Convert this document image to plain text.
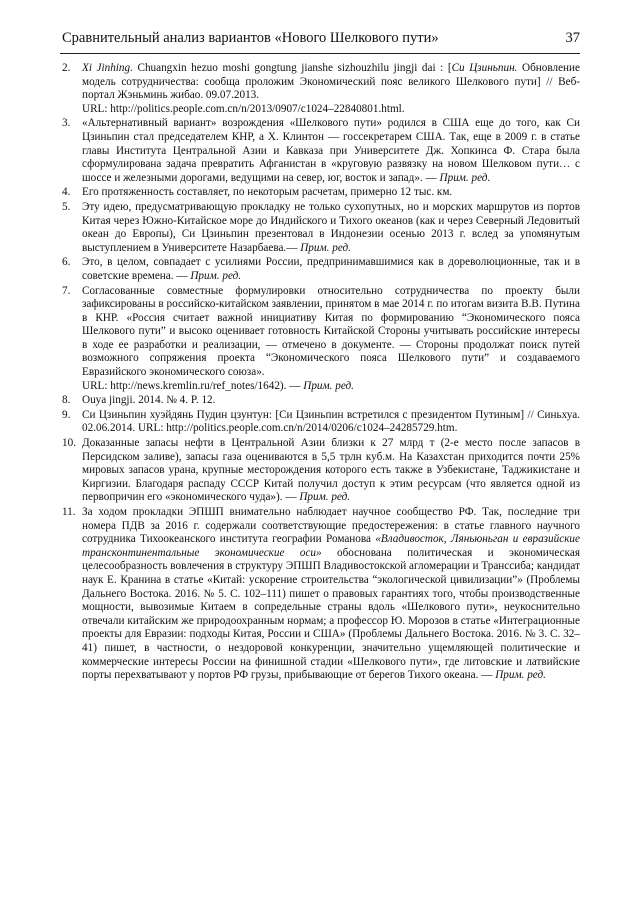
Сравнительный анализ вариантов «Нового Шелкового пути»	37
2.	Xi Jinhing. Chuangxin hezuo moshi gongtung jianshe sizhouzhilu jingji dai : [Си Цзиньпин. Обновление модель сотрудничества: сообща проложим Экономический пояс великого Шелкового пути] // Веб-портал Жэньминь жибао. 09.07.2013.
URL: http://politics.people.com.cn/n/2013/0907/c1024–22840801.html.
3.	«Альтернативный вариант» возрождения «Шелкового пути» родился в США еще до того, как Си Цзиньпин стал председателем КНР, а Х. Клинтон — госсекретарем США. Так, еще в 2009 г. в статье главы Института Центральной Азии и Кавказа при Университете Дж. Хопкинса Ф. Стара была сформулирована задача превратить Афганистан в «круговую развязку на новом Шелковом пути… с шоссе и железными дорогами, ведущими на север, юг, восток и запад». — Прим. ред.
4.	Его протяженность составляет, по некоторым расчетам, примерно 12 тыс. км.
5.	Эту идею, предусматривающую прокладку не только сухопутных, но и морских маршрутов из портов Китая через Южно-Китайское море до Индийского и Тихого океанов (как и через Северный Ледовитый океан до Европы), Си Цзиньпин презентовал в Индонезии осенью 2013 г. вслед за упомянутым выступлением в Университете Назарбаева.— Прим. ред.
6.	Это, в целом, совпадает с усилиями России, предпринимавшимися как в дореволюционные, так и в советские времена. — Прим. ред.
7.	Согласованные совместные формулировки относительно сотрудничества по проекту были зафиксированы в российско-китайском заявлении, принятом в мае 2014 г. по итогам визита В.В. Путина в КНР. «Россия считает важной инициативу Китая по формированию “Экономического пояса Шелкового пути” и высоко оценивает готовность Китайской Стороны учитывать российские интересы в ходе ее разработки и реализации, — отмечено в документе. — Стороны продолжат поиск путей возможного сопряжения проекта “Экономического пояса Шелкового пути” и создаваемого Евразийского экономического союза».
URL: http://news.kremlin.ru/ref_notes/1642). — Прим. ред.
8.	Ouya jingji. 2014. № 4. P. 12.
9.	Си Цзиньпин хуэйдянь Пудин цзунтун: [Си Цзиньпин встретился с президентом Путиным] // Синьхуа. 02.06.2014. URL: http://politics.people.com.cn/n/2014/0206/c1024–24285729.htm.
10. Доказанные запасы нефти в Центральной Азии близки к 27 млрд т (2-е место после запасов в Персидском заливе), запасы газа оцениваются в 5,5 трлн куб.м. На Казахстан приходится почти 25% мировых запасов урана, крупные месторождения которого есть также в Узбекистане, Таджикистане и Киргизии. Благодаря распаду СССР Китай получил доступ к этим ресурсам (что является одной из первопричин его «экономического чуда»). — Прим. ред.
11. За ходом прокладки ЭПШП внимательно наблюдает научное сообщество РФ. Так, последние три номера ПДВ за 2016 г. содержали соответствующие предостережения: в статье главного научного сотрудника Тихоокеанского института географии Романова «Владивосток, Ляньюньган и евразийские трансконтинентальные экономические оси» обоснована политическая и экономическая целесообразность вовлечения в структуру ЭПШП Владивостокской агломерации и Транссиба; кандидат наук Е. Кранина в статье «Китай: ускорение строительства “экологической цивилизации”» (Проблемы Дальнего Востока. 2016. № 5. С. 102–111) пишет о правовых гарантиях того, чтобы производственные мощности, вывозимые Китаем в сопредельные страны вдоль «Шелкового пути», неукоснительно отвечали китайским же природоохранным нормам; а профессор Ю. Морозов в статье «Интеграционные проекты для Евразии: подходы Китая, России и США» (Проблемы Дальнего Востока. 2016. № 3. С. 32–41) пишет, в частности, о нездоровой конкуренции, значительно ущемляющей политические и коммерческие интересы России на финишной стадии «Шелкового пути», где литовские и латвийские порты перехватывают у портов РФ грузы, прибывающие от берегов Тихого океана. — Прим. ред.
